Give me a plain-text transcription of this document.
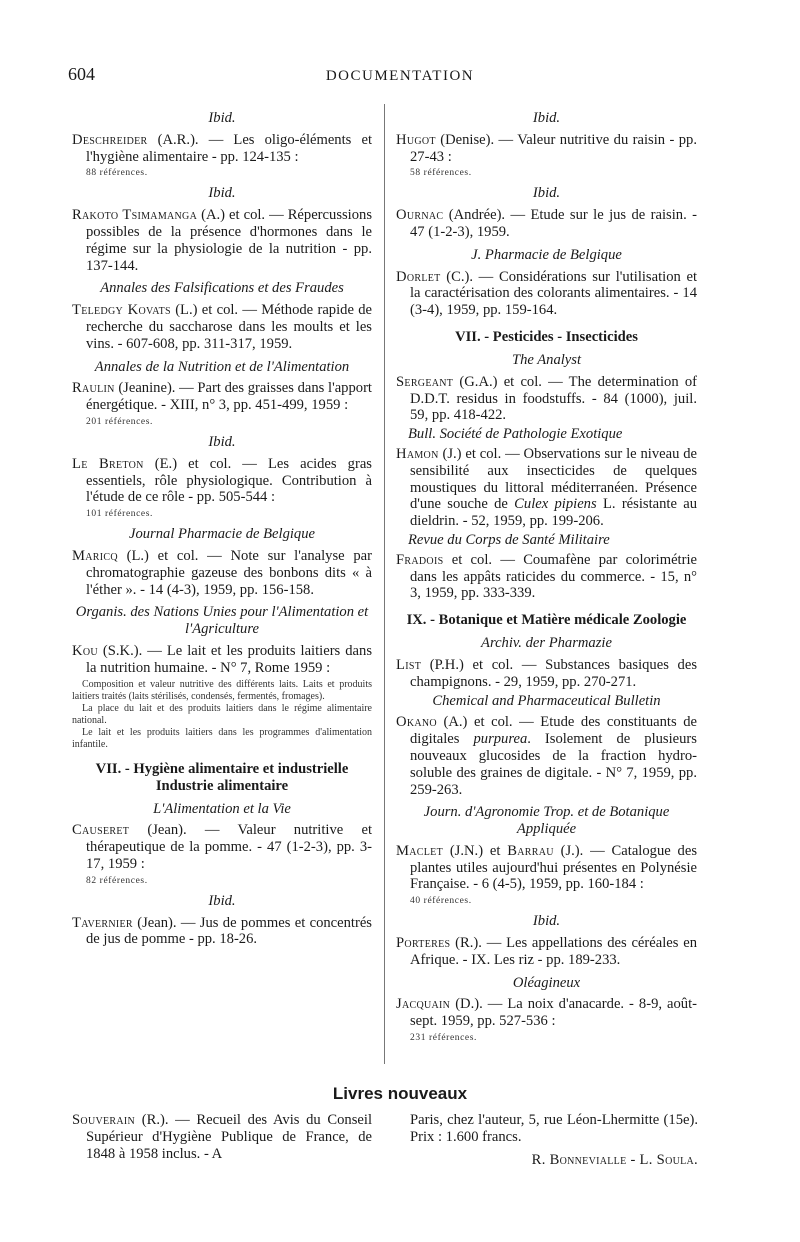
604	DOCUMENTATION
Ibid.

Deschreider (A.R.). — Les oligo-éléments et l'hygiène alimentaire - pp. 124-135 :

88 références.
Ibid.

Rakoto Tsimamanga (A.) et col. — Répercussions possibles de la présence d'hormones dans le régime sur la physiologie de la nutrition - pp. 137-144.

Annales des Falsifications et des Fraudes

Teledgy Kovats (L.) et col. — Méthode rapide de recherche du saccharose dans les moults et les vins. - 607-608, pp. 311-317, 1959.

Annales de la Nutrition et de l'Alimentation

Raulin (Jeanine). — Part des graisses dans l'apport énergétique. - XIII, n° 3, pp. 451-499, 1959 :

201 références.
Ibid.

Le Breton (E.) et col. — Les acides gras essentiels, rôle physiologique. Contribution à l'étude de ce rôle - pp. 505-544 :

101 références.
Journal Pharmacie de Belgique

Maricq (L.) et col. — Note sur l'analyse par chromatographie gazeuse des bonbons dits « à l'éther ». - 14 (4-3), 1959, pp. 156-158.

Organis. des Nations Unies pour l'Alimentation et l'Agriculture

Kou (S.K.). — Le lait et les produits laitiers dans la nutrition humaine. - N° 7, Rome 1959 :

Composition et valeur nutritive des différents laits. Laits et produits laitiers traités (laits stérilisés, condensés, fermentés, fromages).

La place du lait et des produits laitiers dans le régime alimentaire national.

Le lait et les produits laitiers dans les programmes d'alimentation infantile.

VII. - Hygiène alimentaire et industrielle Industrie alimentaire
L'Alimentation et la Vie

Causeret (Jean). — Valeur nutritive et thérapeutique de la pomme. - 47 (1-2-3), pp. 3-17, 1959 :

82 références.
Ibid.

Tavernier (Jean). — Jus de pommes et concentrés de jus de pomme - pp. 18-26.

Ibid.

Hugot (Denise). — Valeur nutritive du raisin - pp. 27-43 :

58 références.
Ibid.

Ournac (Andrée). — Etude sur le jus de raisin. - 47 (1-2-3), 1959.

J. Pharmacie de Belgique

Dorlet (C.). — Considérations sur l'utilisation et la caractérisation des colorants alimentaires. - 14 (3-4), 1959, pp. 159-164.

VII. - Pesticides - Insecticides
The Analyst

Sergeant (G.A.) et col. — The determination of D.D.T. residus in foodstuffs. - 84 (1000), juil. 59, pp. 418-422.

Bull. Société de Pathologie Exotique

Hamon (J.) et col. — Observations sur le niveau de sensibilité aux insecticides de quelques moustiques du littoral méditerranéen. Présence d'une souche de Culex pipiens L. résistante au dieldrin. - 52, 1959, pp. 199-206.

Revue du Corps de Santé Militaire

Fradois et col. — Coumafène par colorimétrie dans les appâts raticides du commerce. - 15, n° 3, 1959, pp. 333-339.

IX. - Botanique et Matière médicale Zoologie
Archiv. der Pharmazie

List (P.H.) et col. — Substances basiques des champignons. - 29, 1959, pp. 270-271.

Chemical and Pharmaceutical Bulletin

Okano (A.) et col. — Etude des constituants de digitales purpurea. Isolement de plusieurs nouveaux glucosides de la fraction hydro-soluble des graines de digitale. - N° 7, 1959, pp. 259-263.

Journ. d'Agronomie Trop. et de Botanique Appliquée

Maclet (J.N.) et Barrau (J.). — Catalogue des plantes utiles aujourd'hui présentes en Polynésie Française. - 6 (4-5), 1959, pp. 160-184 :

40 références.
Ibid.

Porteres (R.). — Les appellations des céréales en Afrique. - IX. Les riz - pp. 189-233.

Oléagineux

Jacquain (D.). — La noix d'anacarde. - 8-9, août-sept. 1959, pp. 527-536 :

231 références.
Livres nouveaux

Souverain (R.). — Recueil des Avis du Conseil Supérieur d'Hygiène Publique de France, de 1848 à 1958 inclus. - A

Paris, chez l'auteur, 5, rue Léon-Lhermitte (15e). Prix : 1.600 francs.
R. Bonnevialle - L. Soula.
